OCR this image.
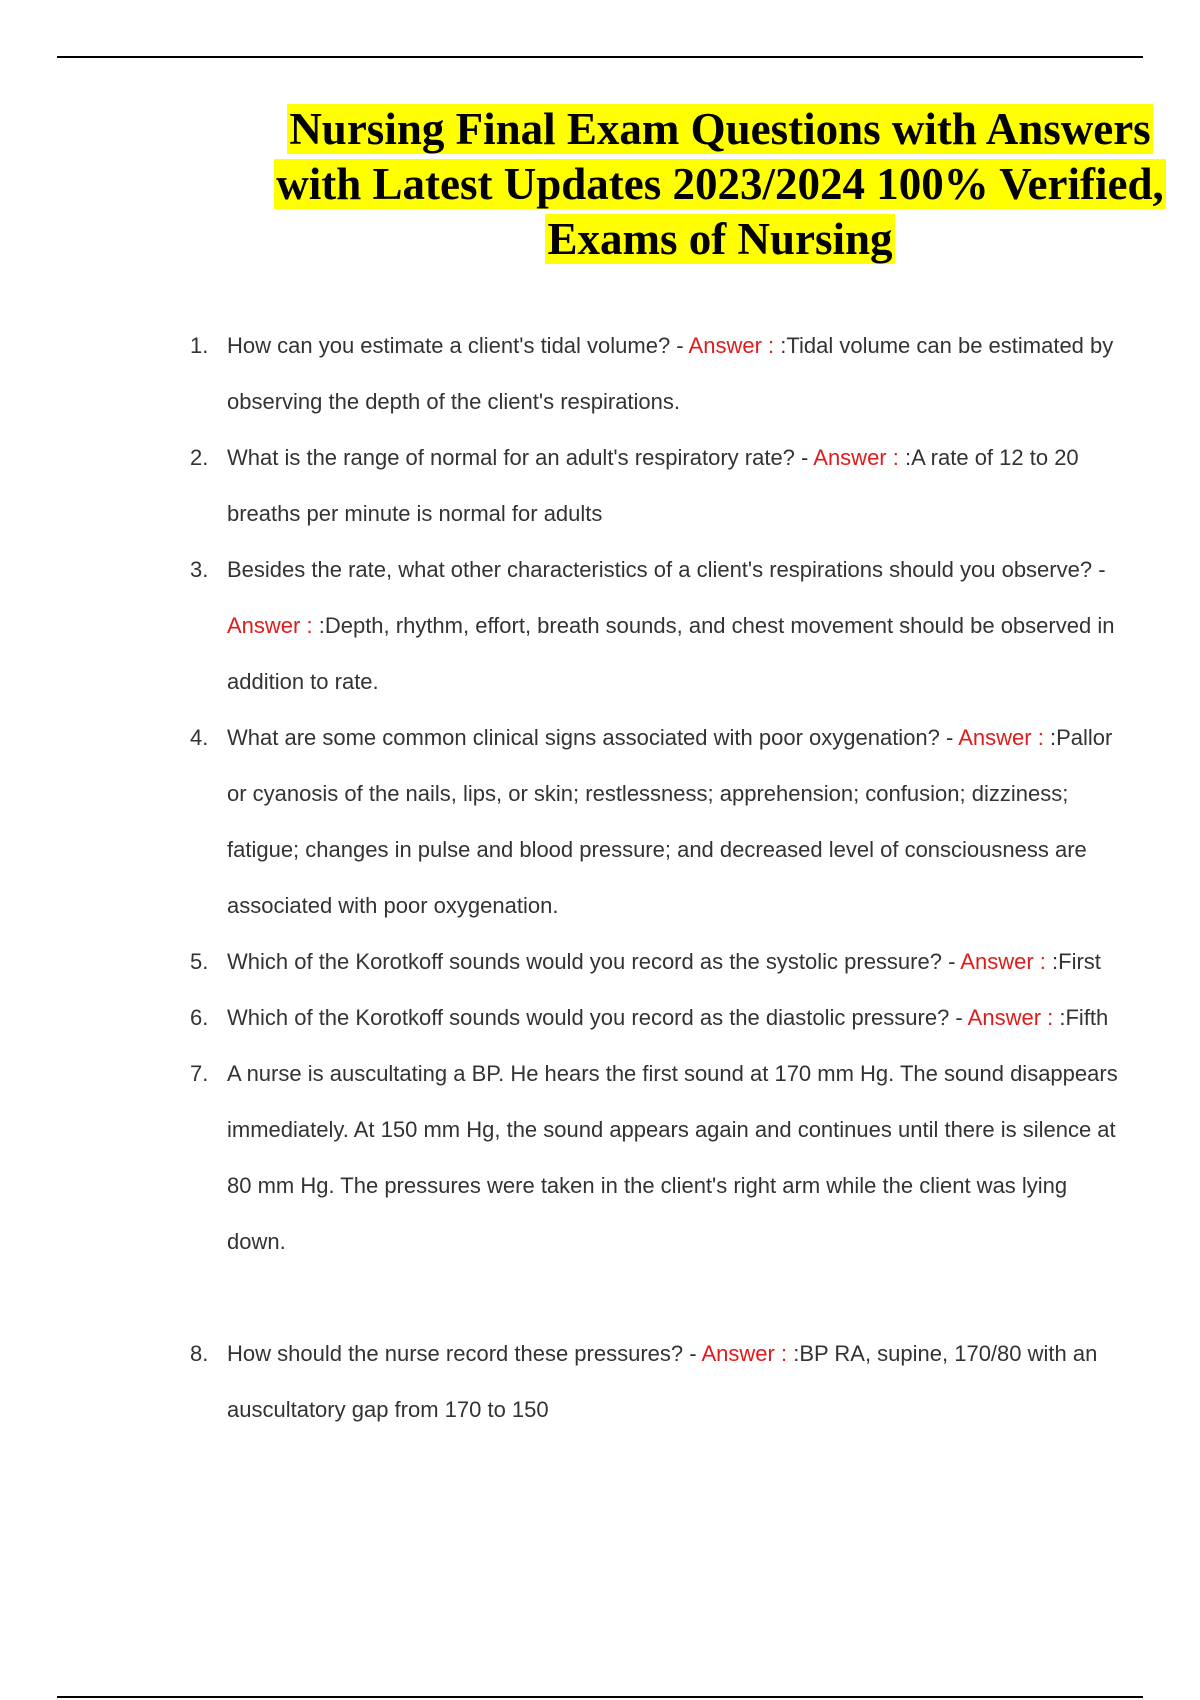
Nursing Final Exam Questions with Answers
with Latest Updates 2023/2024 100% Verified,
Exams of Nursing
1. How can you estimate a client's tidal volume? - Answer : :Tidal volume can be estimated by
observing the depth of the client's respirations.
2. What is the range of normal for an adult's respiratory rate? - Answer : :A rate of 12 to 20
breaths per minute is normal for adults
3. Besides the rate, what other characteristics of a client's respirations should you observe? -
Answer : :Depth, rhythm, effort, breath sounds, and chest movement should be observed in
addition to rate.
4. What are some common clinical signs associated with poor oxygenation? - Answer : :Pallor
or cyanosis of the nails, lips, or skin; restlessness; apprehension; confusion; dizziness;
fatigue; changes in pulse and blood pressure; and decreased level of consciousness are
associated with poor oxygenation.
5. Which of the Korotkoff sounds would you record as the systolic pressure? - Answer : :First
6. Which of the Korotkoff sounds would you record as the diastolic pressure? - Answer : :Fifth
7. A nurse is auscultating a BP. He hears the first sound at 170 mm Hg. The sound disappears
immediately. At 150 mm Hg, the sound appears again and continues until there is silence at
80 mm Hg. The pressures were taken in the client's right arm while the client was lying
down.
8. How should the nurse record these pressures? - Answer : :BP RA, supine, 170/80 with an
auscultatory gap from 170 to 150
